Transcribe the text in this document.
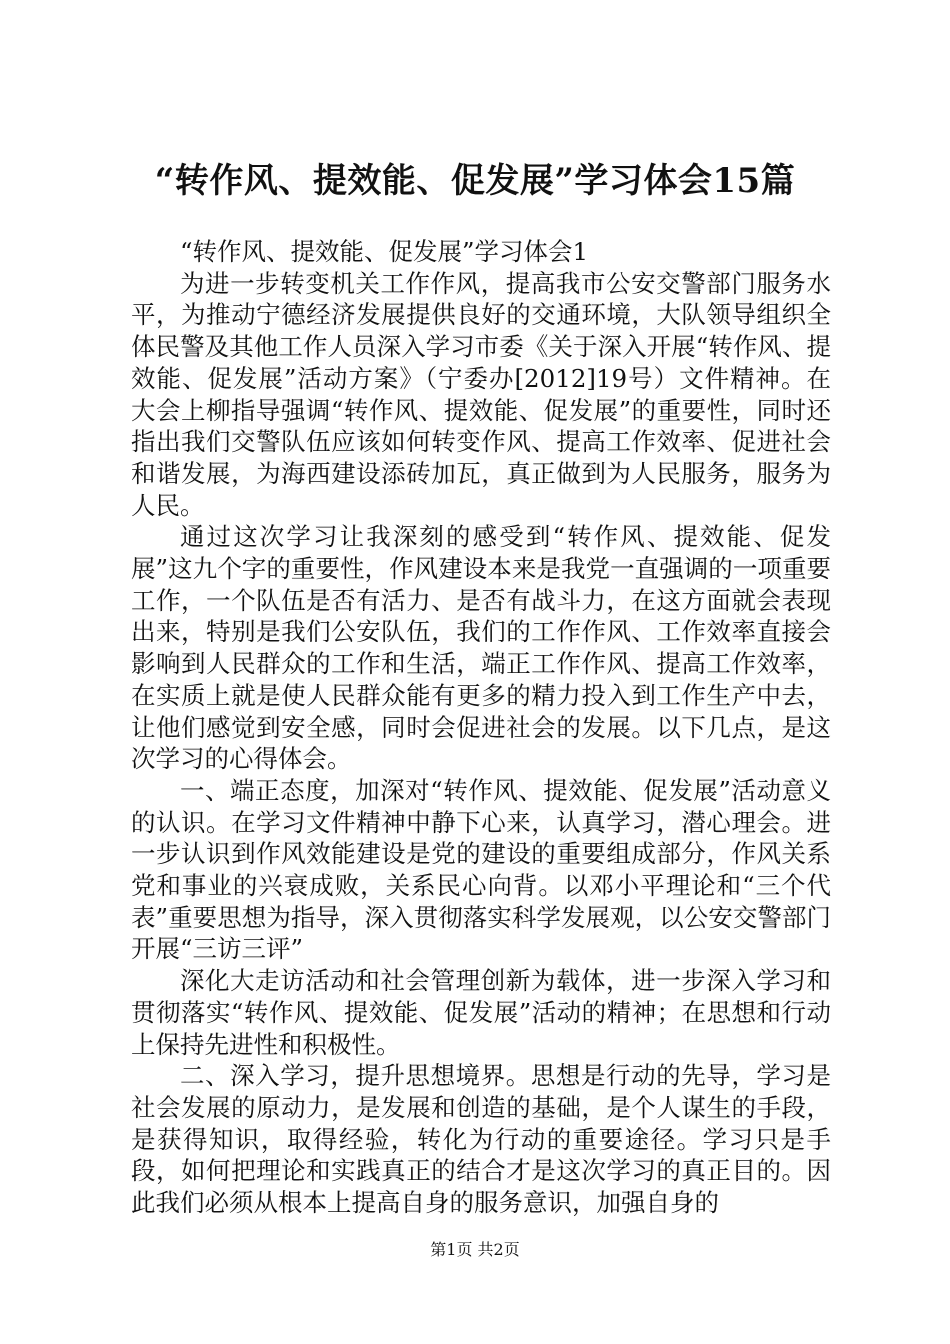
“转作风、提效能、促发展”学习体会15篇

“转作风、提效能、促发展”学习体会1

为进一步转变机关工作作风，提高我市公安交警部门服务水平，为推动宁德经济发展提供良好的交通环境，大队领导组织全体民警及其他工作人员深入学习市委《关于深入开展“转作风、提效能、促发展”活动方案》（宁委办[2012]19号）文件精神。在大会上柳指导强调“转作风、提效能、促发展”的重要性，同时还指出我们交警队伍应该如何转变作风、提高工作效率、促进社会和谐发展，为海西建设添砖加瓦，真正做到为人民服务，服务为人民。

通过这次学习让我深刻的感受到“转作风、提效能、促发展”这九个字的重要性，作风建设本来是我党一直强调的一项重要工作，一个队伍是否有活力、是否有战斗力，在这方面就会表现出来，特别是我们公安队伍，我们的工作作风、工作效率直接会影响到人民群众的工作和生活，端正工作作风、提高工作效率，在实质上就是使人民群众能有更多的精力投入到工作生产中去，让他们感觉到安全感，同时会促进社会的发展。以下几点，是这次学习的心得体会。

一、端正态度，加深对“转作风、提效能、促发展”活动意义的认识。在学习文件精神中静下心来，认真学习，潜心理会。进一步认识到作风效能建设是党的建设的重要组成部分，作风关系党和事业的兴衰成败，关系民心向背。以邓小平理论和“三个代表”重要思想为指导，深入贯彻落实科学发展观，以公安交警部门开展“三访三评”

深化大走访活动和社会管理创新为载体，进一步深入学习和贯彻落实“转作风、提效能、促发展”活动的精神；在思想和行动上保持先进性和积极性。

二、深入学习，提升思想境界。思想是行动的先导，学习是社会发展的原动力，是发展和创造的基础，是个人谋生的手段，是获得知识，取得经验，转化为行动的重要途径。学习只是手段，如何把理论和实践真正的结合才是这次学习的真正目的。因此我们必须从根本上提高自身的服务意识，加强自身的

第1页 共2页
